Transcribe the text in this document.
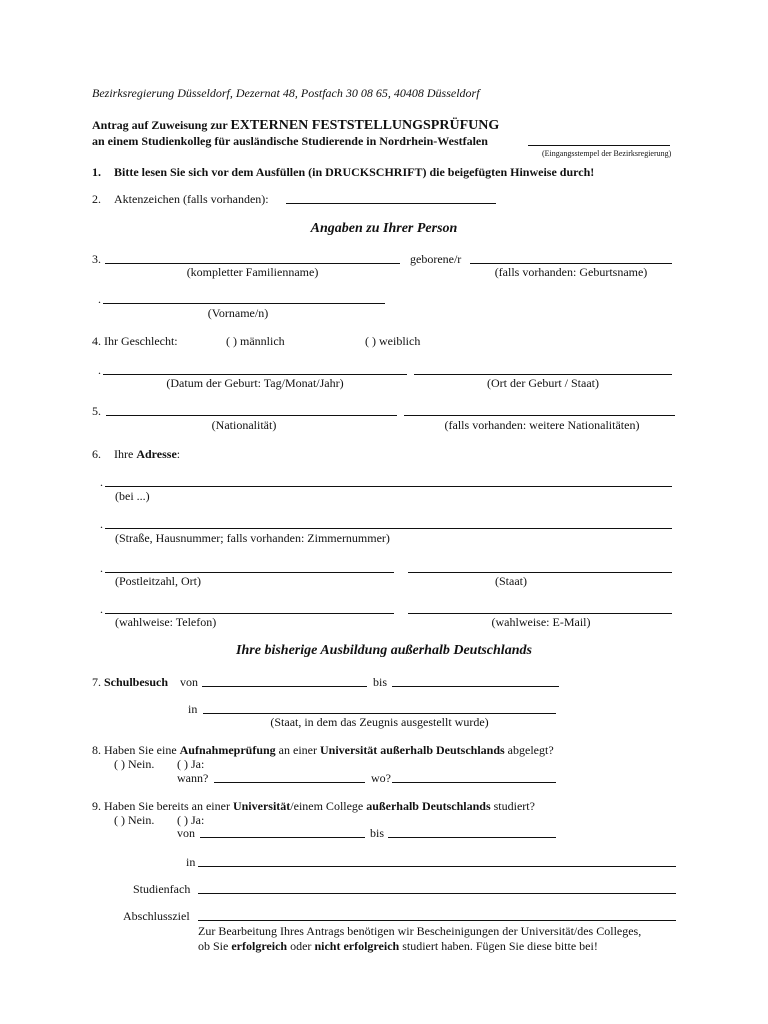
Bezirksregierung Düsseldorf, Dezernat 48, Postfach 30 08 65, 40408 Düsseldorf
Antrag auf Zuweisung zur EXTERNEN FESTSTELLUNGSPRÜFUNG
an einem Studienkolleg für ausländische Studierende in Nordrhein-Westfalen
(Eingangsstempel der Bezirksregierung)
1. Bitte lesen Sie sich vor dem Ausfüllen (in DRUCKSCHRIFT) die beigefügten Hinweise durch!
2. Aktenzeichen (falls vorhanden):
Angaben zu Ihrer Person
3.	geborene/r
(kompletter Familienname)	(falls vorhanden: Geburtsname)
.
(Vorname/n)
4. Ihr Geschlecht:	( ) männlich	( ) weiblich
.
(Datum der Geburt: Tag/Monat/Jahr)	(Ort der Geburt / Staat)
5.
(Nationalität)	(falls vorhanden: weitere Nationalitäten)
6. Ihre Adresse:
.
(bei ...)
.
(Straße, Hausnummer; falls vorhanden: Zimmernummer)
.
(Postleitzahl, Ort)	(Staat)
.
(wahlweise: Telefon)	(wahlweise: E-Mail)
Ihre bisherige Ausbildung außerhalb Deutschlands
7. Schulbesuch von	bis
in
(Staat, in dem das Zeugnis ausgestellt wurde)
8. Haben Sie eine Aufnahmeprüfung an einer Universität außerhalb Deutschlands abgelegt?
( ) Nein. ( ) Ja:
wann?	wo?
9. Haben Sie bereits an einer Universität/einem College außerhalb Deutschlands studiert?
( ) Nein. ( ) Ja:
von	bis
in
Studienfach
Abschlussziel
Zur Bearbeitung Ihres Antrags benötigen wir Bescheinigungen der Universität/des Colleges,
ob Sie erfolgreich oder nicht erfolgreich studiert haben. Fügen Sie diese bitte bei!
